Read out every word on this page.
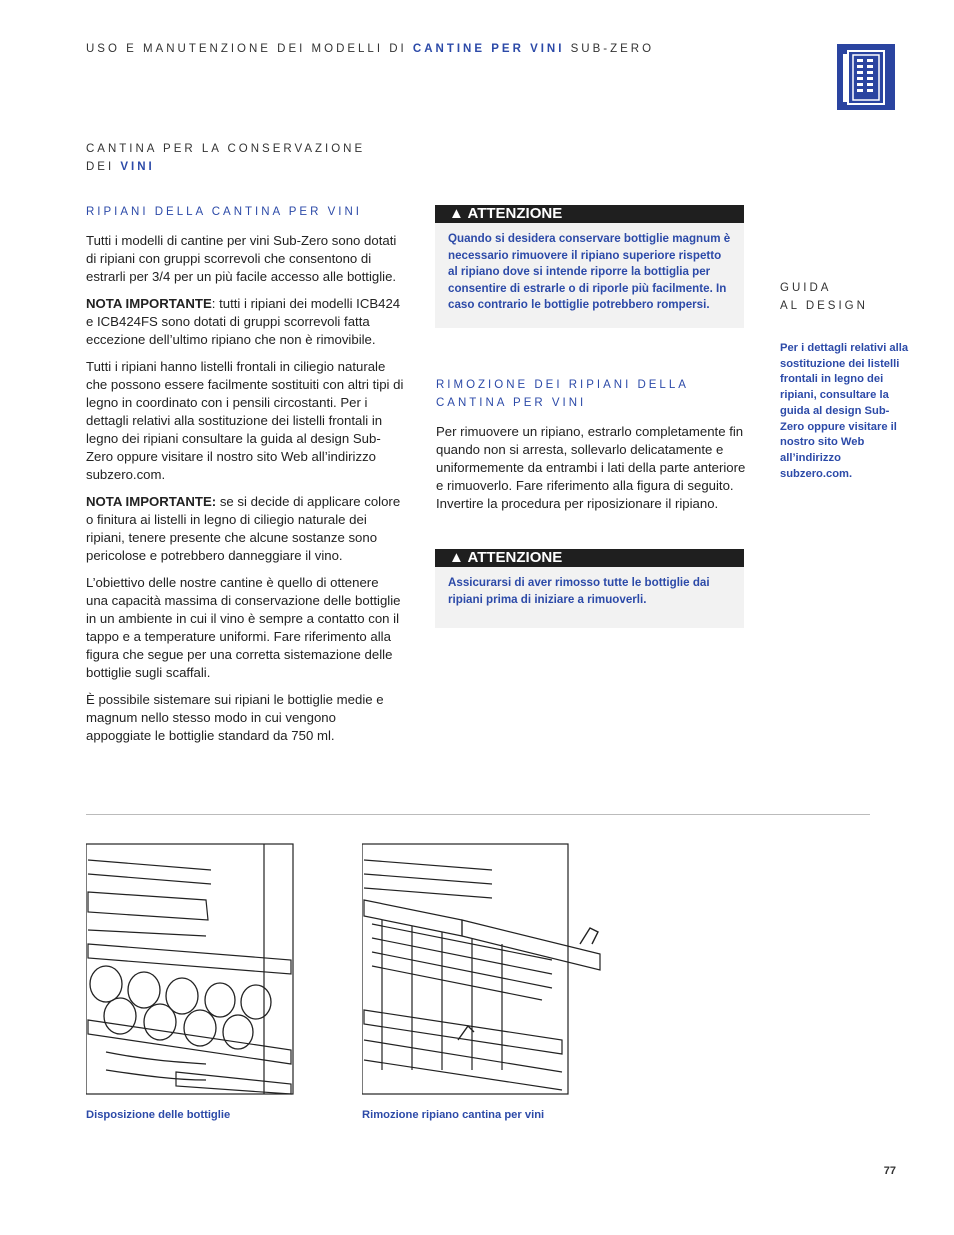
USO E MANUTENZIONE DEI MODELLI DI CANTINE PER VINI SUB-ZERO
CANTINA PER LA CONSERVAZIONE
DEI VINI
RIPIANI DELLA CANTINA PER VINI

Tutti i modelli di cantine per vini Sub-Zero sono dotati di ripiani con gruppi scorrevoli che consentono di estrarli per 3/4 per un più facile accesso alle bottiglie.

NOTA IMPORTANTE: tutti i ripiani dei modelli ICB424 e ICB424FS sono dotati di gruppi scorrevoli fatta eccezione dell’ultimo ripiano che non è rimovibile.

Tutti i ripiani hanno listelli frontali in ciliegio naturale che possono essere facilmente sostituiti con altri tipi di legno in coordinato con i pensili circostanti. Per i dettagli relativi alla sostituzione dei listelli frontali in legno dei ripiani consultare la guida al design Sub-Zero oppure visitare il nostro sito Web all’indirizzo subzero.com.

NOTA IMPORTANTE: se si decide di applicare colore o finitura ai listelli in legno di ciliegio naturale dei ripiani, tenere presente che alcune sostanze sono pericolose e potrebbero danneggiare il vino.

L’obiettivo delle nostre cantine è quello di ottenere una capacità massima di conservazione delle bottiglie in un ambiente in cui il vino è sempre a contatto con il tappo e a temperature uniformi. Fare riferimento alla figura che segue per una corretta sistemazione delle bottiglie sugli scaffali.

È possibile sistemare sui ripiani le bottiglie medie e magnum nello stesso modo in cui vengono appoggiate le bottiglie standard da 750 ml.

▲ ATTENZIONE
Quando si desidera conservare bottiglie magnum è necessario rimuovere il ripiano superiore rispetto al ripiano dove si intende riporre la bottiglia per consentire di estrarle o di riporle più facilmente. In caso contrario le bottiglie potrebbero rompersi.
RIMOZIONE DEI RIPIANI DELLA
CANTINA PER VINI

Per rimuovere un ripiano, estrarlo completamente fin quando non si arresta, sollevarlo delicatamente e uniformemente da entrambi i lati della parte anteriore e rimuoverlo. Fare riferimento alla figura di seguito. Invertire la procedura per riposizionare il ripiano.

▲ ATTENZIONE
Assicurarsi di aver rimosso tutte le bottiglie dai ripiani prima di iniziare a rimuoverli.
GUIDA
AL DESIGN
Per i dettagli relativi alla sostituzione dei listelli frontali in legno dei ripiani, consultare la guida al design Sub-Zero oppure visitare il nostro sito Web all’indirizzo subzero.com.
Disposizione delle bottiglie	Rimozione ripiano cantina per vini
77
